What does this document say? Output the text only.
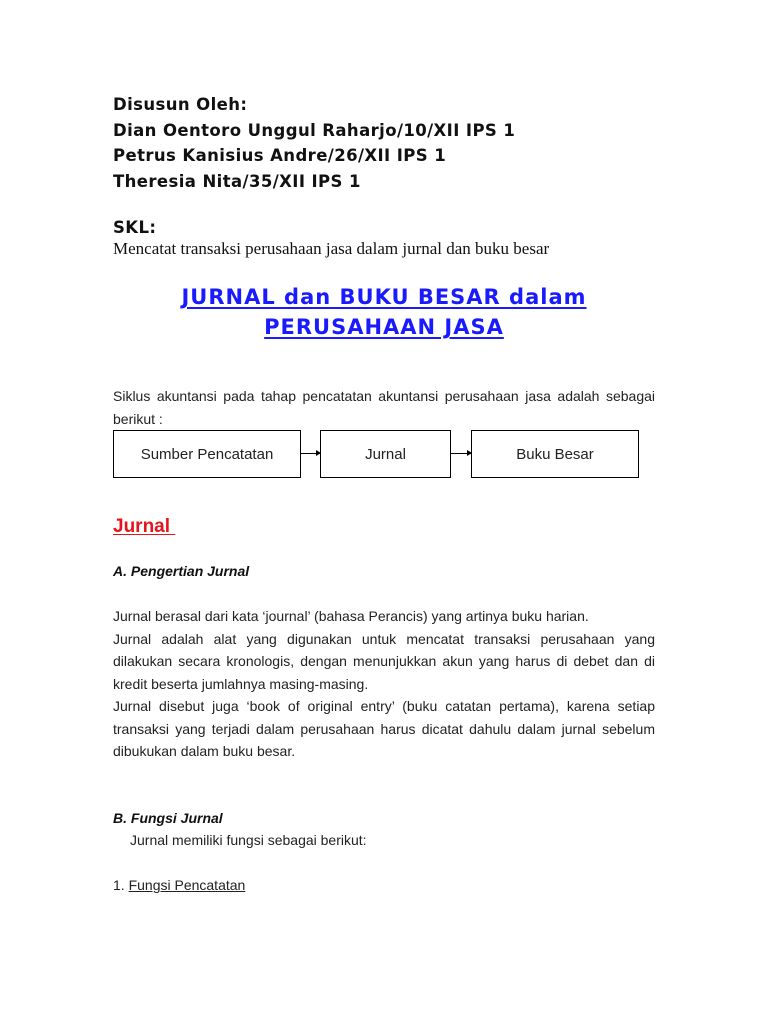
Disusun Oleh:
Dian Oentoro Unggul Raharjo/10/XII IPS 1
Petrus Kanisius Andre/26/XII IPS 1
Theresia Nita/35/XII IPS 1
SKL:
Mencatat transaksi perusahaan jasa dalam jurnal dan buku besar
JURNAL dan BUKU BESAR dalam
PERUSAHAAN JASA
Siklus akuntansi pada tahap pencatatan akuntansi perusahaan jasa adalah sebagai berikut :
Sumber Pencatatan	Jurnal	Buku Besar
Jurnal
A. Pengertian Jurnal

Jurnal berasal dari kata ‘journal’ (bahasa Perancis) yang artinya buku harian.

Jurnal adalah alat yang digunakan untuk mencatat transaksi perusahaan yang dilakukan secara kronologis, dengan menunjukkan akun yang harus di debet dan di kredit beserta jumlahnya masing-masing.

Jurnal disebut juga ‘book of original entry’ (buku catatan pertama), karena setiap transaksi yang terjadi dalam perusahaan harus dicatat dahulu dalam jurnal sebelum dibukukan dalam buku besar.

B. Fungsi Jurnal
Jurnal memiliki fungsi sebagai berikut:
1. Fungsi Pencatatan
